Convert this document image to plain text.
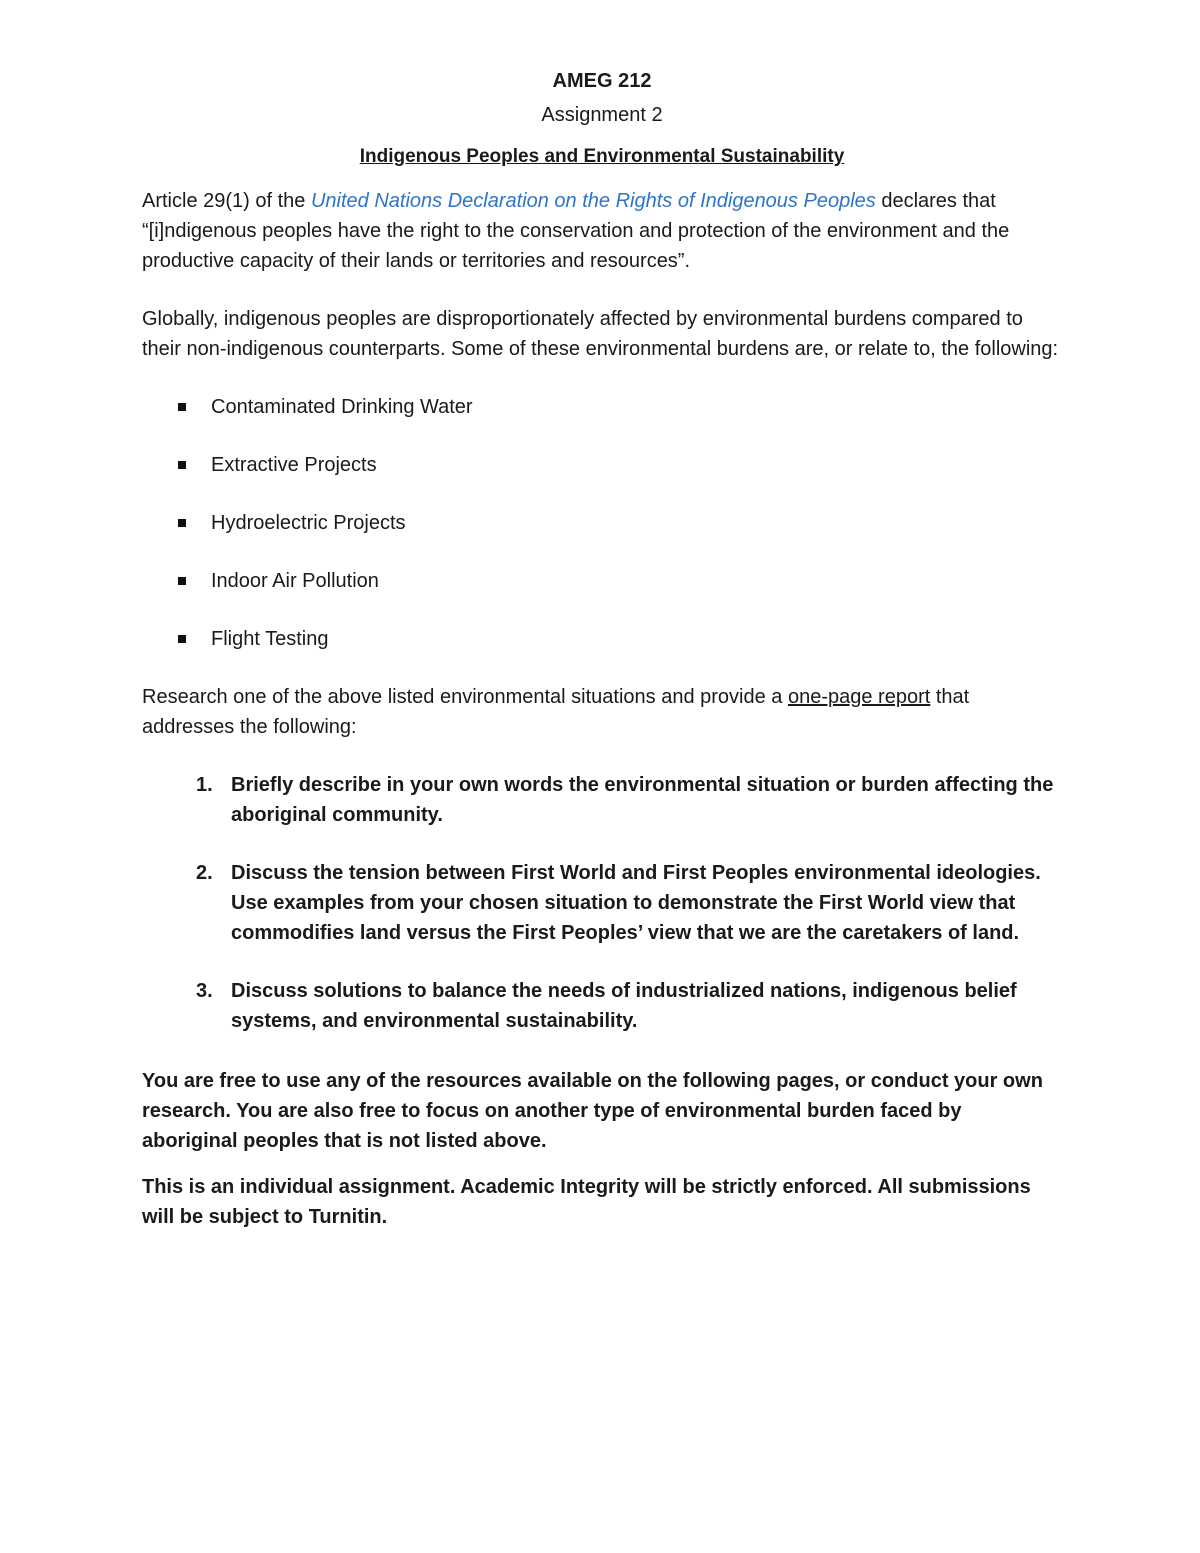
AMEG 212

Assignment 2

Indigenous Peoples and Environmental Sustainability

Article 29(1) of the United Nations Declaration on the Rights of Indigenous Peoples declares that “[i]ndigenous peoples have the right to the conservation and protection of the environment and the productive capacity of their lands or territories and resources”.

Globally, indigenous peoples are disproportionately affected by environmental burdens compared to their non-indigenous counterparts. Some of these environmental burdens are, or relate to, the following:

Contaminated Drinking Water
Extractive Projects
Hydroelectric Projects
Indoor Air Pollution
Flight Testing

Research one of the above listed environmental situations and provide a one-page report that addresses the following:

1. Briefly describe in your own words the environmental situation or burden affecting the aboriginal community.
2. Discuss the tension between First World and First Peoples environmental ideologies. Use examples from your chosen situation to demonstrate the First World view that commodifies land versus the First Peoples’ view that we are the caretakers of land.
3. Discuss solutions to balance the needs of industrialized nations, indigenous belief systems, and environmental sustainability.

You are free to use any of the resources available on the following pages, or conduct your own research. You are also free to focus on another type of environmental burden faced by aboriginal peoples that is not listed above.

This is an individual assignment. Academic Integrity will be strictly enforced. All submissions will be subject to Turnitin.
